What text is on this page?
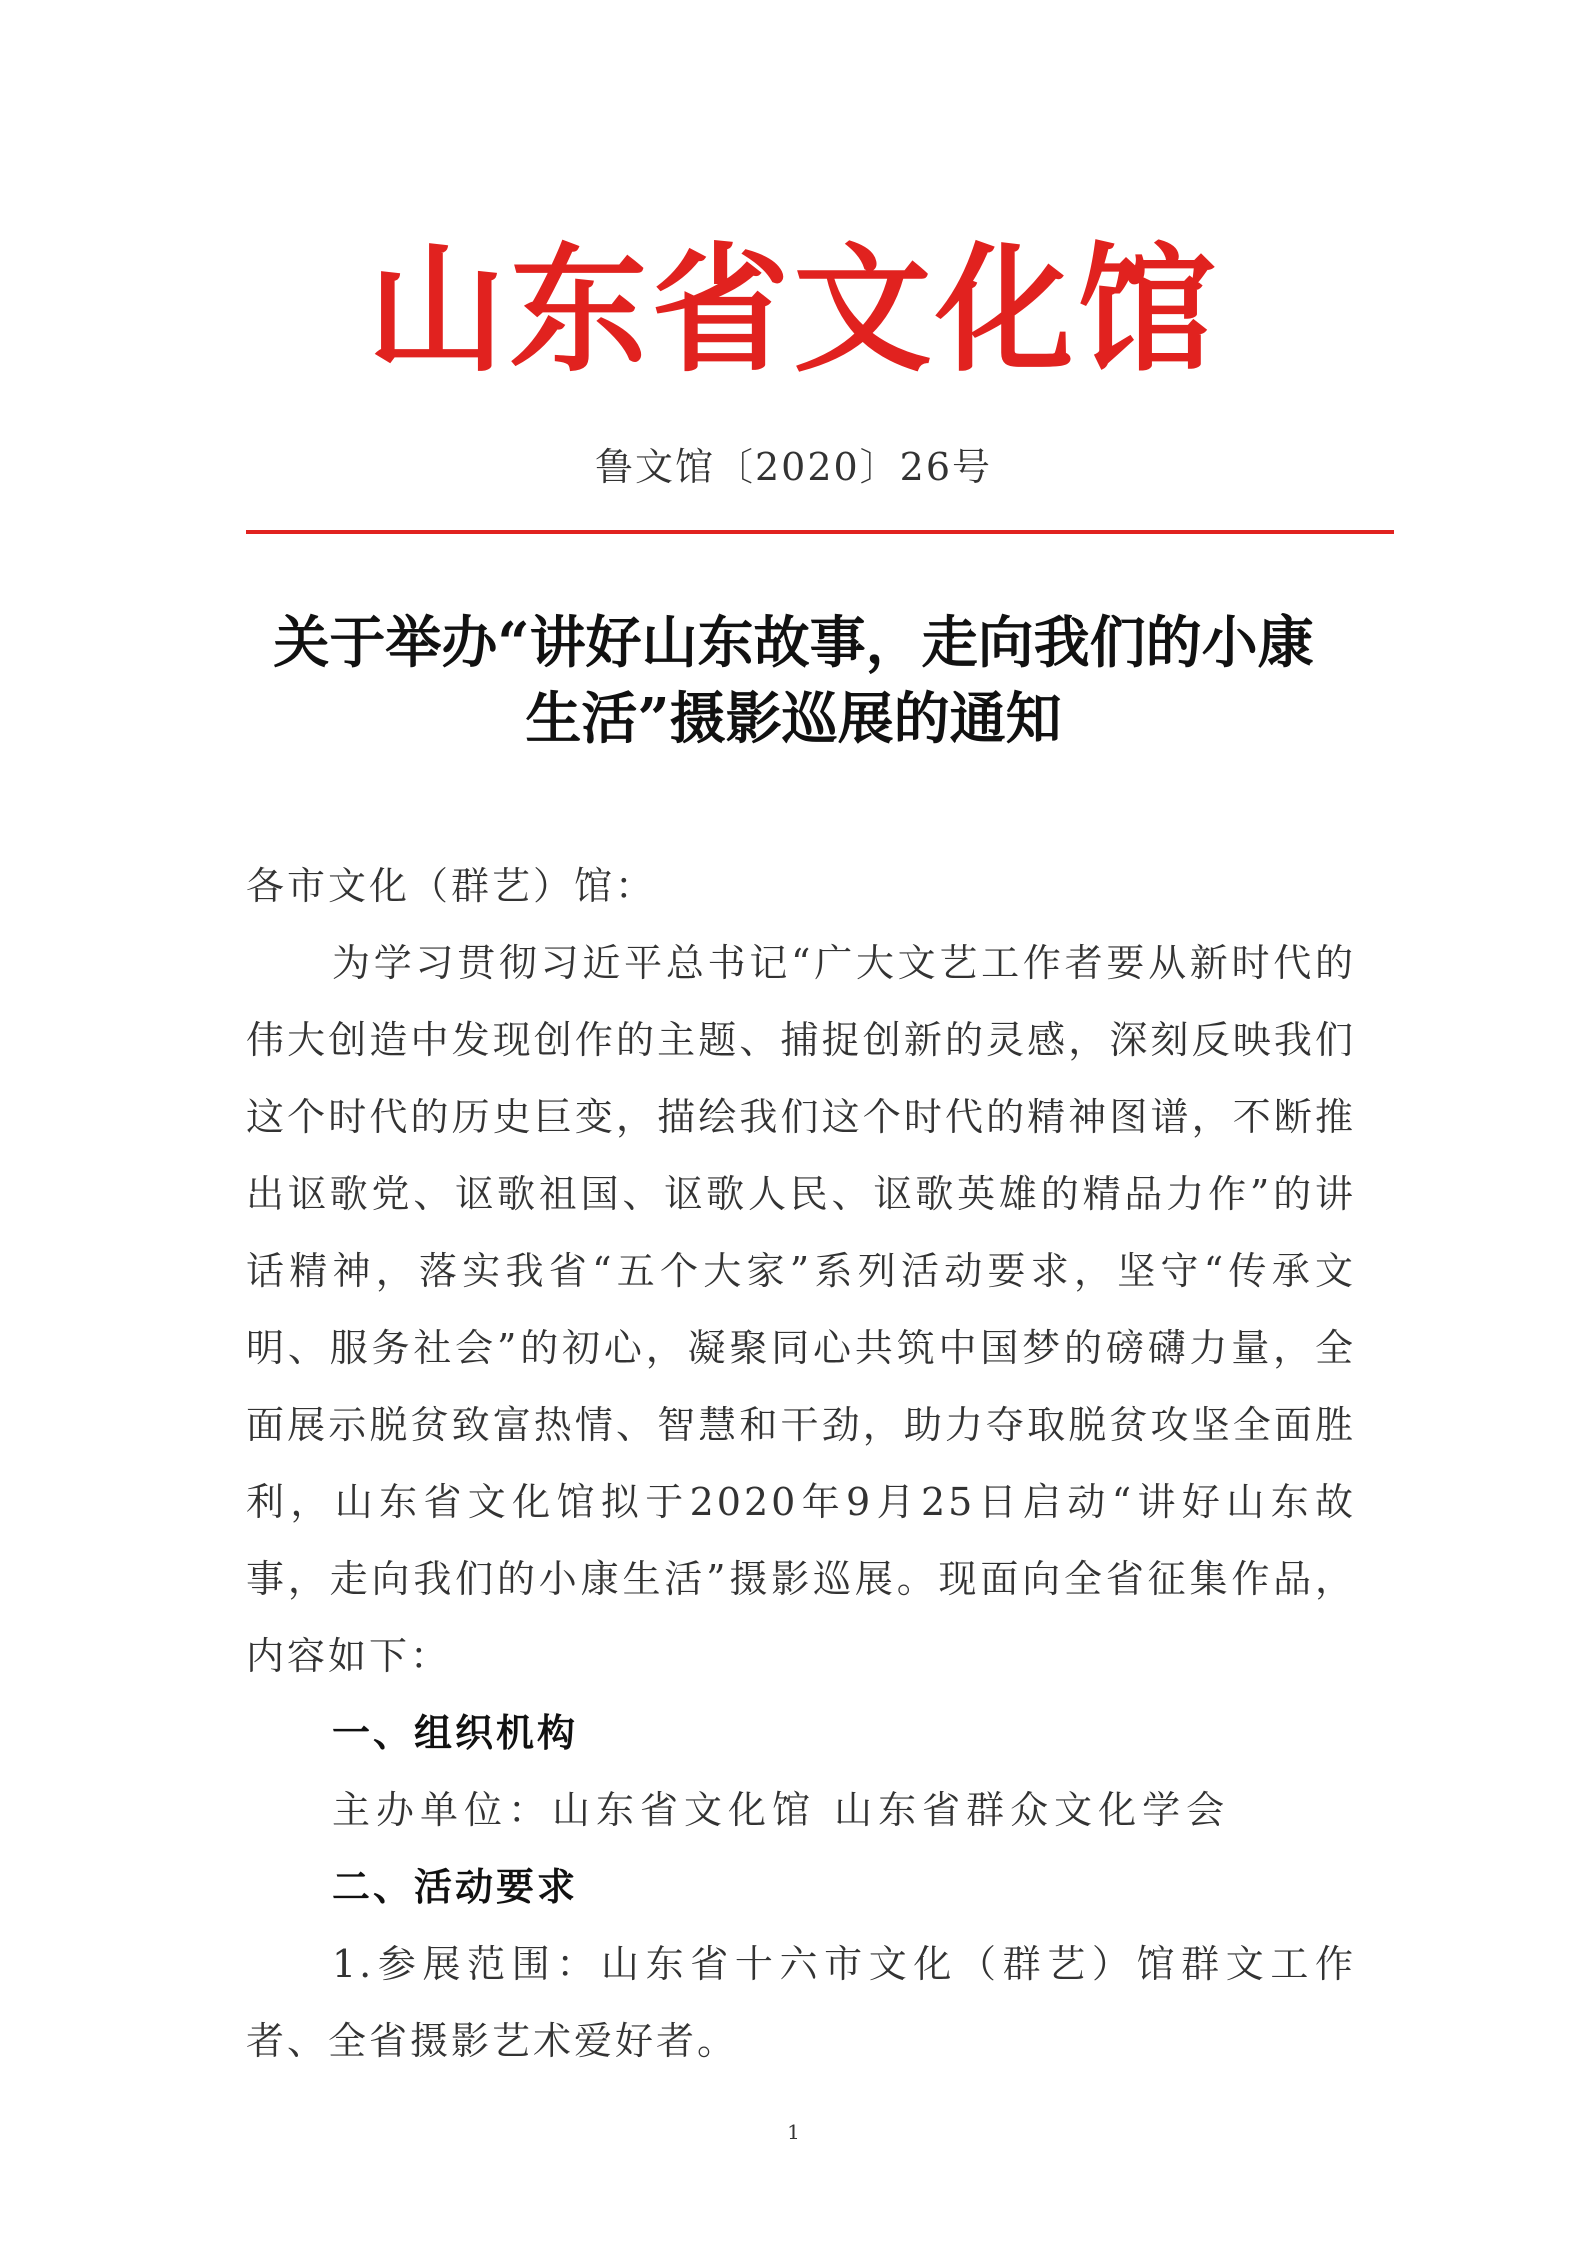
山东省文化馆
鲁文馆〔2020〕26号
关于举办“讲好山东故事，走向我们的小康
生活”摄影巡展的通知
各市文化（群艺）馆：
为学习贯彻习近平总书记“广大文艺工作者要从新时代的伟大创造中发现创作的主题、捕捉创新的灵感，深刻反映我们这个时代的历史巨变，描绘我们这个时代的精神图谱，不断推出讴歌党、讴歌祖国、讴歌人民、讴歌英雄的精品力作”的讲话精神，落实我省“五个大家”系列活动要求，坚守“传承文明、服务社会”的初心，凝聚同心共筑中国梦的磅礴力量，全面展示脱贫致富热情、智慧和干劲，助力夺取脱贫攻坚全面胜利，山东省文化馆拟于2020年9月25日启动“讲好山东故事，走向我们的小康生活”摄影巡展。现面向全省征集作品，内容如下：
一、组织机构
主办单位：山东省文化馆 山东省群众文化学会
二、活动要求
1.参展范围：山东省十六市文化（群艺）馆群文工作者、全省摄影艺术爱好者。
1
